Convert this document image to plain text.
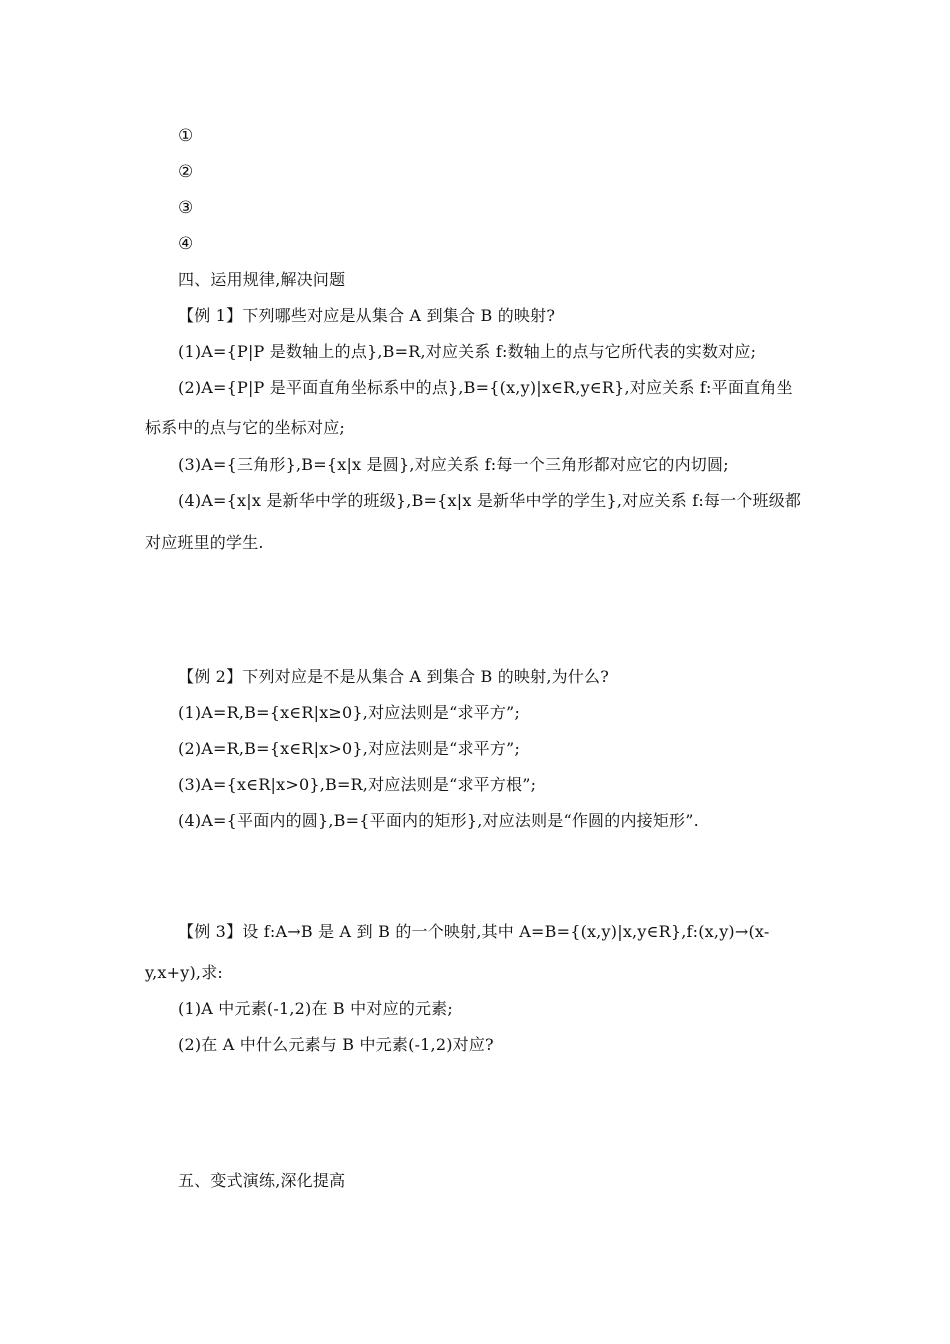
①
②
③
④
四、运用规律,解决问题
【例 1】下列哪些对应是从集合 A 到集合 B 的映射?
(1)A={P|P 是数轴上的点},B=R,对应关系 f:数轴上的点与它所代表的实数对应;
(2)A={P|P 是平面直角坐标系中的点},B={(x,y)|x∈R,y∈R},对应关系 f:平面直角坐
标系中的点与它的坐标对应;
(3)A={三角形},B={x|x 是圆},对应关系 f:每一个三角形都对应它的内切圆;
(4)A={x|x 是新华中学的班级},B={x|x 是新华中学的学生},对应关系 f:每一个班级都
对应班里的学生.
【例 2】下列对应是不是从集合 A 到集合 B 的映射,为什么?
(1)A=R,B={x∈R|x≥0},对应法则是“求平方”;
(2)A=R,B={x∈R|x>0},对应法则是“求平方”;
(3)A={x∈R|x>0},B=R,对应法则是“求平方根”;
(4)A={平面内的圆},B={平面内的矩形},对应法则是“作圆的内接矩形”.
【例 3】设 f:A→B 是 A 到 B 的一个映射,其中 A=B={(x,y)|x,y∈R},f:(x,y)→(x-
y,x+y),求:
(1)A 中元素(-1,2)在 B 中对应的元素;
(2)在 A 中什么元素与 B 中元素(-1,2)对应?
五、变式演练,深化提高
